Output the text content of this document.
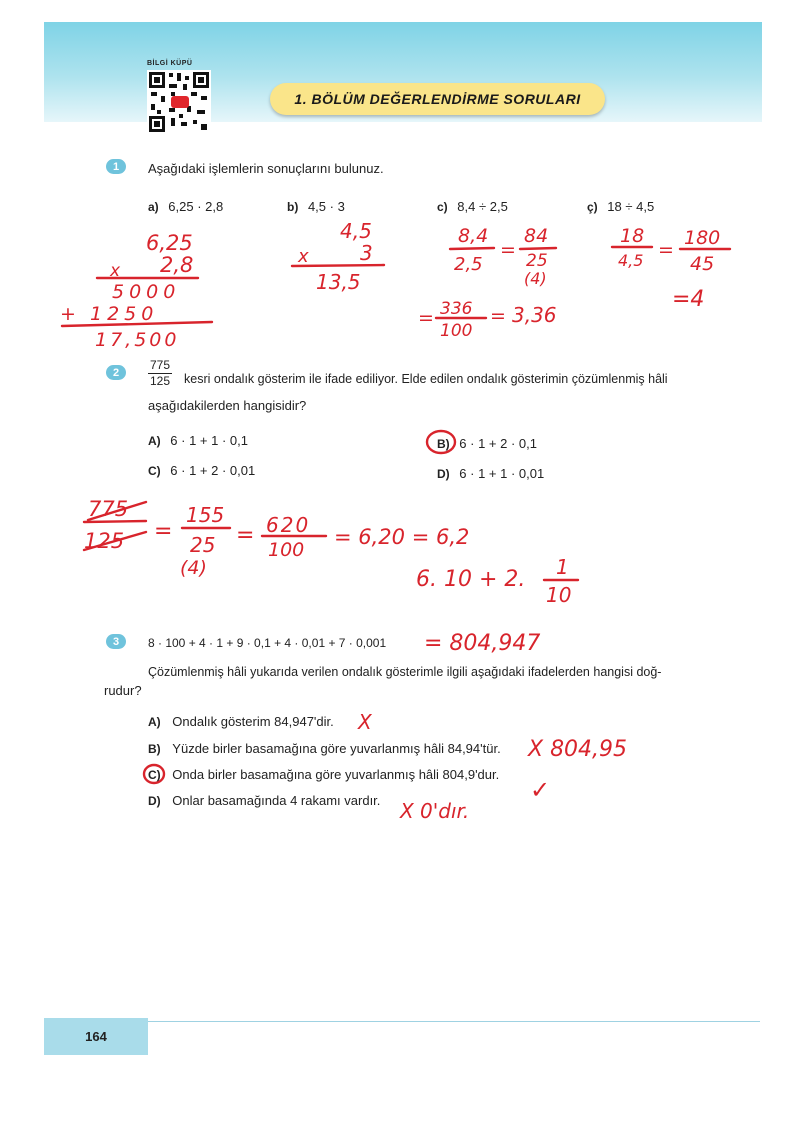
BİLGİ KÜPÜ
1. BÖLÜM DEĞERLENDİRME SORULARI
1	Aşağıdaki işlemlerin sonuçlarını bulunuz.
a) 6,25 · 2,8	b) 4,5 · 3	c) 8,4 ÷ 2,5	ç) 18 ÷ 4,5
2	$\frac{775}{125}$ kesri ondalık gösterim ile ifade ediliyor. Elde edilen ondalık gösterimin çözümlenmiş hâli
aşağıdakilerden hangisidir?
A) 6 · 1 + 1 · 0,1	B) 6 · 1 + 2 · 0,1
C) 6 · 1 + 2 · 0,01	D) 6 · 1 + 1 · 0,01
3	8 · 100 + 4 · 1 + 9 · 0,1 + 4 · 0,01 + 7 · 0,001
Çözümlenmiş hâli yukarıda verilen ondalık gösterimle ilgili aşağıdaki ifadelerden hangisi doğ-
rudur?
A) Ondalık gösterim 84,947'dir.
B) Yüzde birler basamağına göre yuvarlanmış hâli 84,94'tür.
C) Onda birler basamağına göre yuvarlanmış hâli 804,9'dur.
D) Onlar basamağında 4 rakamı vardır.
164
6,25
x 2,8
5000
+ 1250
17,500
4,5
x	3
13,5
8,4
2,5
=
84
25
(4)
= 336
100
= 3,36
18
4,5 =
180
45
=4
775
125 =
155
25
(4)
= 620
100
= 6,20 = 6,2
6. 10 + 2. 1
10
= 804,947
X
X 804,95
✓
X 0'dır.
